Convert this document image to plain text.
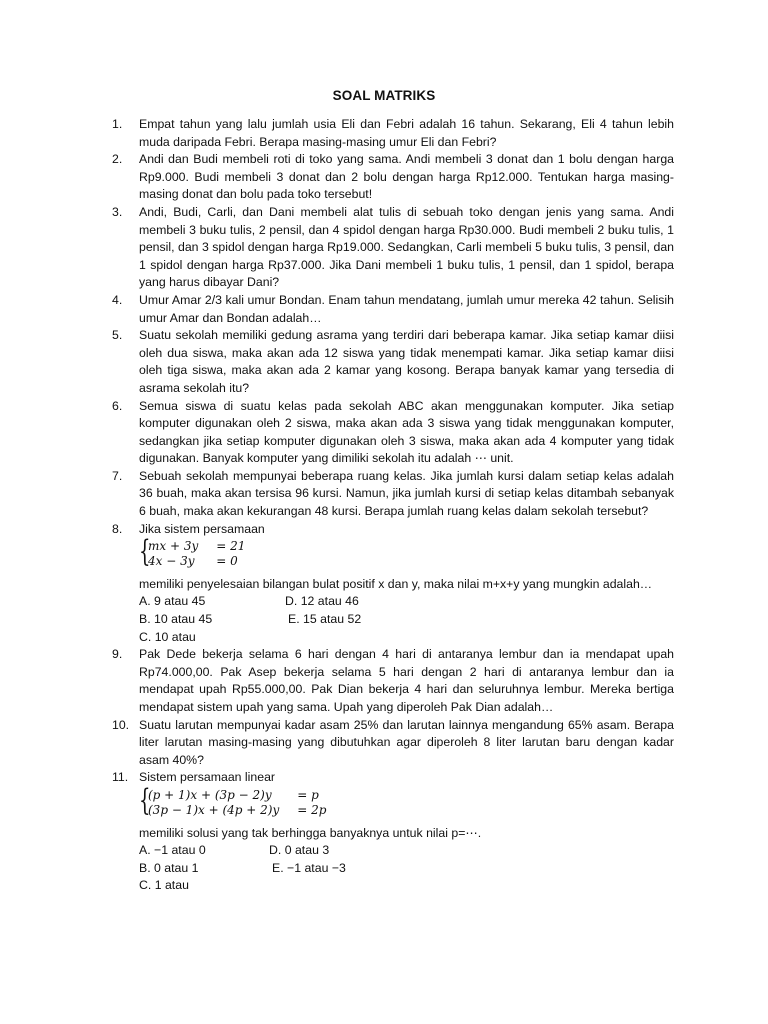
SOAL MATRIKS
1.	Empat tahun yang lalu jumlah usia Eli dan Febri adalah 16 tahun. Sekarang, Eli 4 tahun lebih muda daripada Febri. Berapa masing-masing umur Eli dan Febri?
2.	Andi dan Budi membeli roti di toko yang sama. Andi membeli 3 donat dan 1 bolu dengan harga Rp9.000. Budi membeli 3 donat dan 2 bolu dengan harga Rp12.000. Tentukan harga masing-masing donat dan bolu pada toko tersebut!
3.	Andi, Budi, Carli, dan Dani membeli alat tulis di sebuah toko dengan jenis yang sama. Andi membeli 3 buku tulis, 2 pensil, dan 4 spidol dengan harga Rp30.000. Budi membeli 2 buku tulis, 1 pensil, dan 3 spidol dengan harga Rp19.000. Sedangkan, Carli membeli 5 buku tulis, 3 pensil, dan 1 spidol dengan harga Rp37.000. Jika Dani membeli 1 buku tulis, 1 pensil, dan 1 spidol, berapa yang harus dibayar Dani?
4.	Umur Amar 2/3 kali umur Bondan. Enam tahun mendatang, jumlah umur mereka 42 tahun. Selisih umur Amar dan Bondan adalah…
5.	Suatu sekolah memiliki gedung asrama yang terdiri dari beberapa kamar. Jika setiap kamar diisi oleh dua siswa, maka akan ada 12 siswa yang tidak menempati kamar. Jika setiap kamar diisi oleh tiga siswa, maka akan ada 2 kamar yang kosong. Berapa banyak kamar yang tersedia di asrama sekolah itu?
6.	Semua siswa di suatu kelas pada sekolah ABC akan menggunakan komputer. Jika setiap komputer digunakan oleh 2 siswa, maka akan ada 3 siswa yang tidak menggunakan komputer, sedangkan jika setiap komputer digunakan oleh 3 siswa, maka akan ada 4 komputer yang tidak digunakan. Banyak komputer yang dimiliki sekolah itu adalah ⋯ unit.
7.	Sebuah sekolah mempunyai beberapa ruang kelas. Jika jumlah kursi dalam setiap kelas adalah 36 buah, maka akan tersisa 96 kursi. Namun, jika jumlah kursi di setiap kelas ditambah sebanyak 6 buah, maka akan kekurangan 48 kursi. Berapa jumlah ruang kelas dalam sekolah tersebut?
8.	Jika sistem persamaan
{
mx + 3y	= 21
4x − 3y	= 0
memiliki penyelesaian bilangan bulat positif x dan y, maka nilai m+x+y yang mungkin adalah…
A. 9 atau 45	D. 12 atau 46
B. 10 atau 45	E. 15 atau 52
C. 10 atau
9.	Pak Dede bekerja selama 6 hari dengan 4 hari di antaranya lembur dan ia mendapat upah Rp74.000,00. Pak Asep bekerja selama 5 hari dengan 2 hari di antaranya lembur dan ia mendapat upah Rp55.000,00. Pak Dian bekerja 4 hari dan seluruhnya lembur. Mereka bertiga mendapat sistem upah yang sama. Upah yang diperoleh Pak Dian adalah…
10. Suatu larutan mempunyai kadar asam 25% dan larutan lainnya mengandung 65% asam. Berapa liter larutan masing-masing yang dibutuhkan agar diperoleh 8 liter larutan baru dengan kadar asam 40%?
11. Sistem persamaan linear
{
(p + 1)x + (3p − 2)y	= p
(3p − 1)x + (4p + 2)y	= 2p
memiliki solusi yang tak berhingga banyaknya untuk nilai p=⋯.
A. −1 atau 0	D. 0 atau 3
B. 0 atau 1	E. −1 atau −3
C. 1 atau
